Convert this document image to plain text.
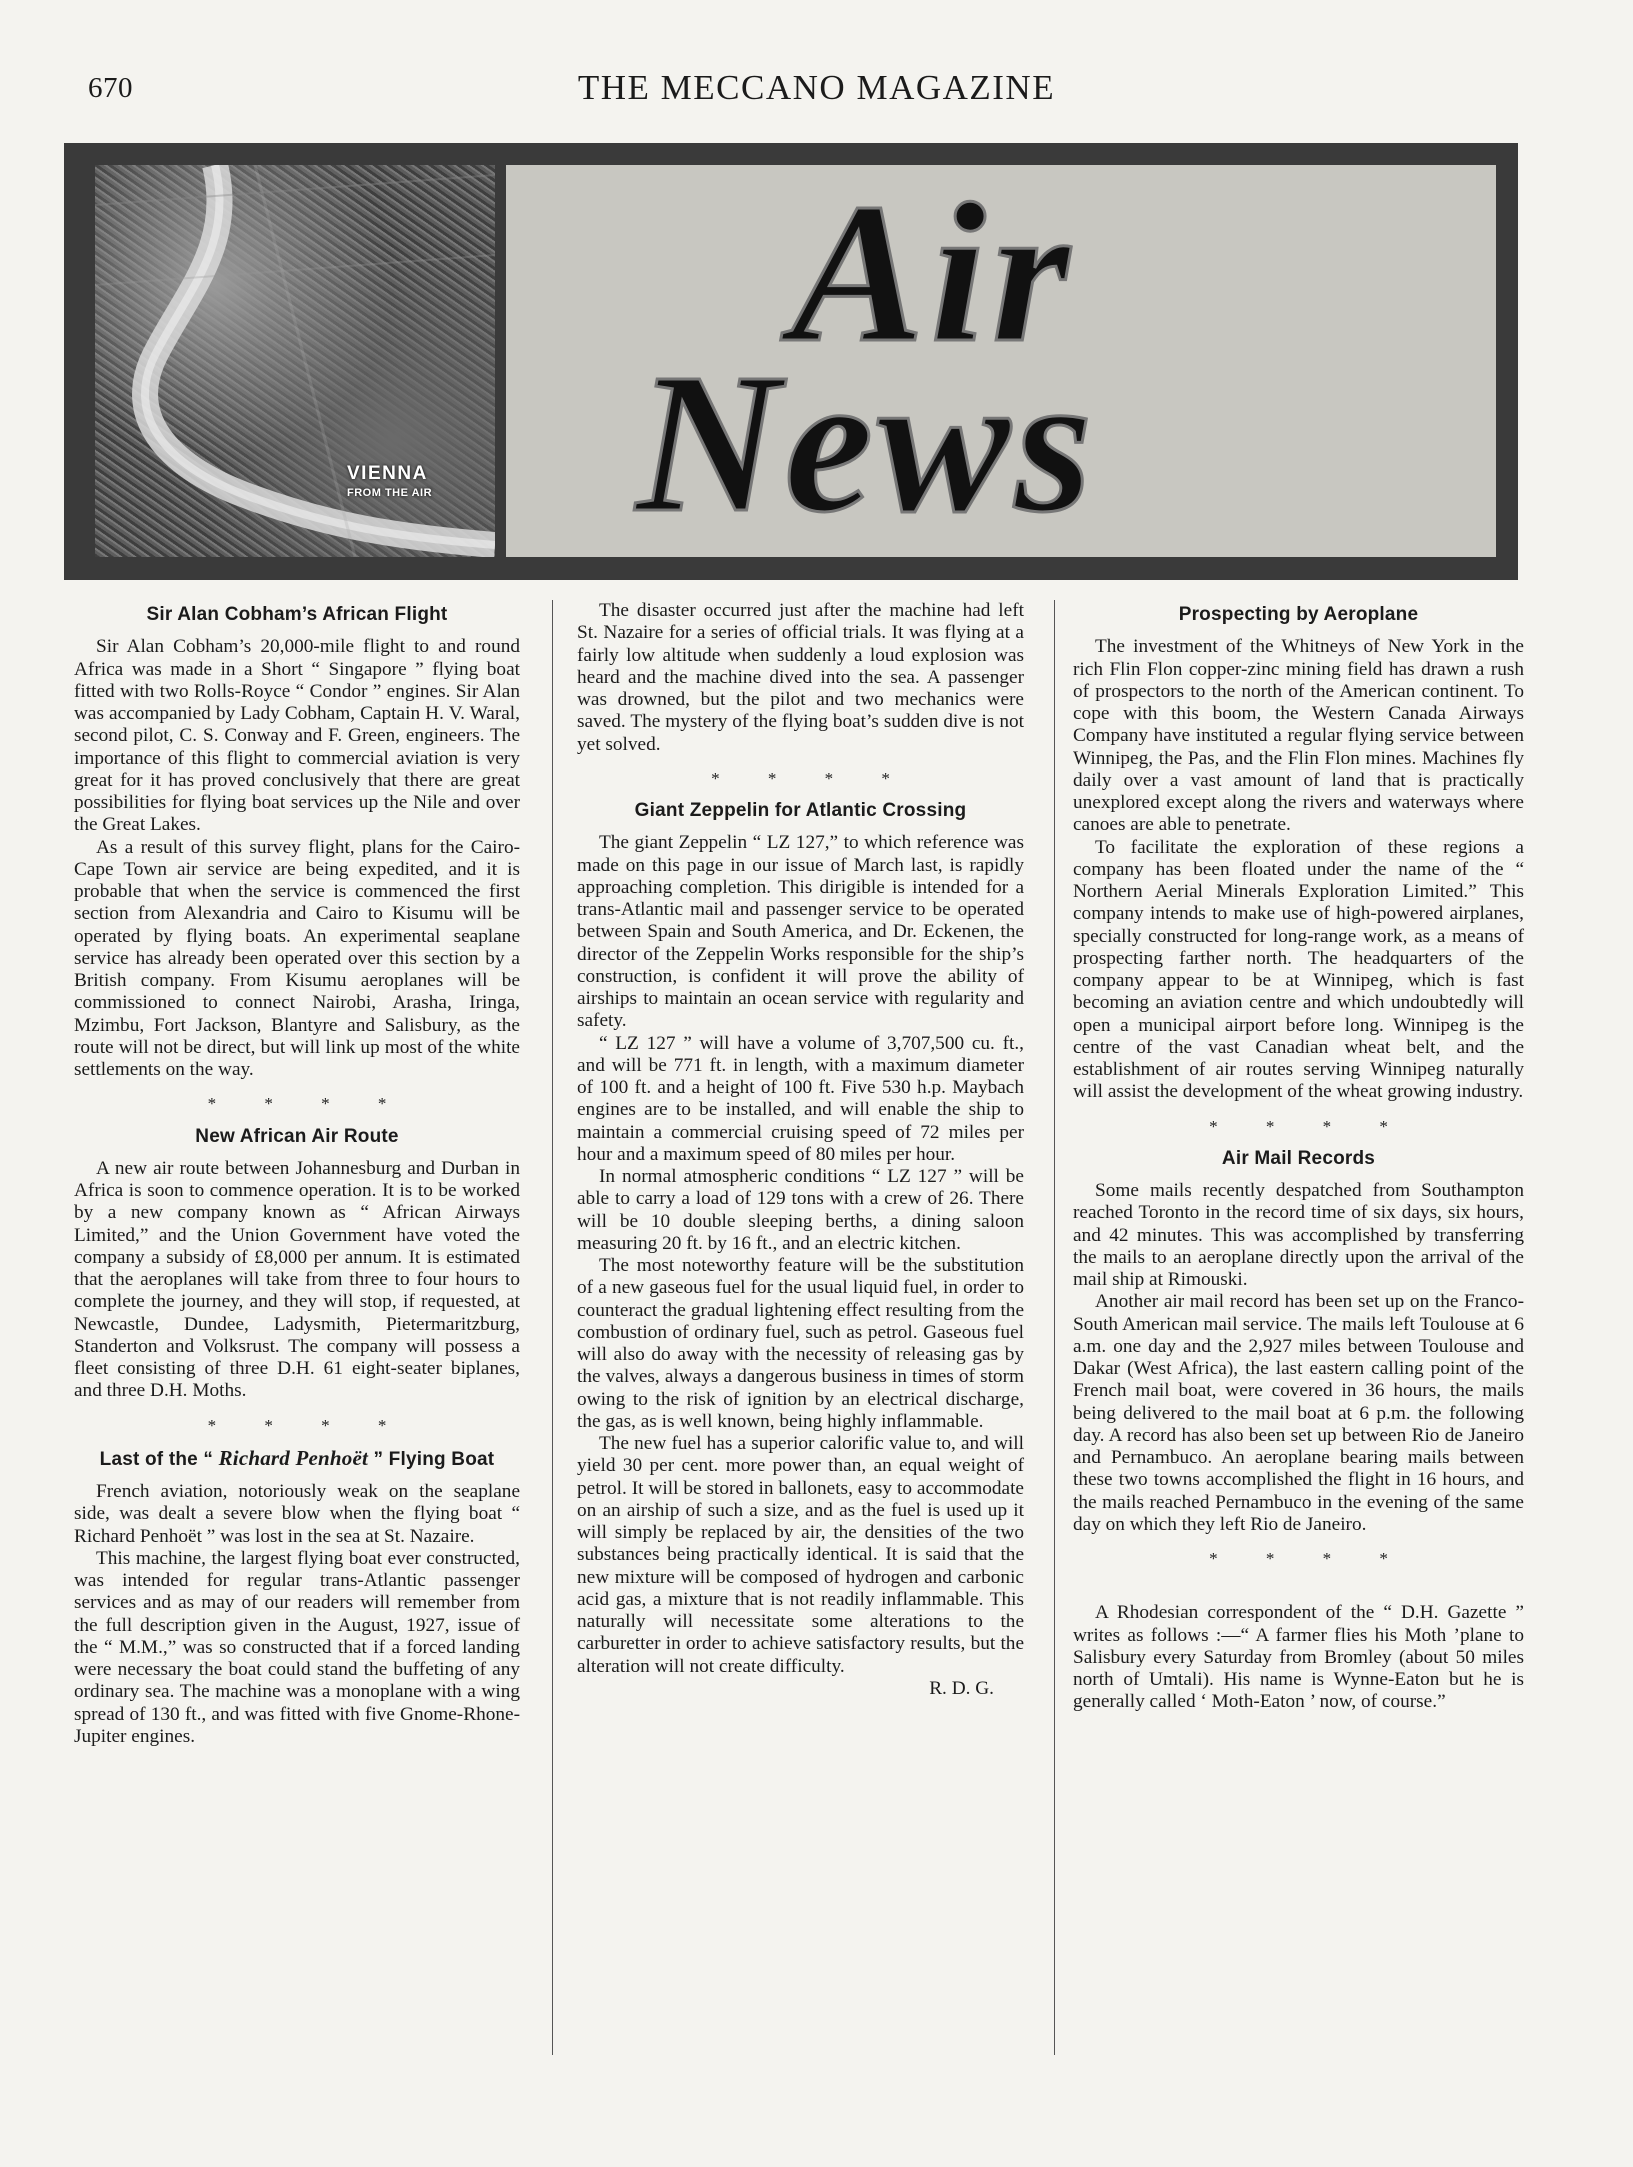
670	THE MECCANO MAGAZINE
VIENNA
FROM THE AIR
Air
News
Sir Alan Cobham’s African Flight

Sir Alan Cobham’s 20,000-mile flight to and round Africa was made in a Short “ Singapore ” flying boat fitted with two Rolls-Royce “ Condor ” engines. Sir Alan was accompanied by Lady Cobham, Captain H. V. Waral, second pilot, C. S. Conway and F. Green, engineers. The importance of this flight to commercial aviation is very great for it has proved conclusively that there are great possibilities for flying boat services up the Nile and over the Great Lakes.

As a result of this survey flight, plans for the Cairo-Cape Town air service are being expedited, and it is probable that when the service is commenced the first section from Alexandria and Cairo to Kisumu will be operated by flying boats. An experimental seaplane service has already been operated over this section by a British company. From Kisumu aeroplanes will be commissioned to connect Nairobi, Arasha, Iringa, Mzimbu, Fort Jackson, Blantyre and Salisbury, as the route will not be direct, but will link up most of the white settlements on the way.

* * * *
New African Air Route

A new air route between Johannesburg and Durban in Africa is soon to commence operation. It is to be worked by a new company known as “ African Airways Limited,” and the Union Government have voted the company a subsidy of £8,000 per annum. It is estimated that the aeroplanes will take from three to four hours to complete the journey, and they will stop, if requested, at Newcastle, Dundee, Ladysmith, Pietermaritzburg, Standerton and Volksrust. The company will possess a fleet consisting of three D.H. 61 eight-seater biplanes, and three D.H. Moths.

* * * *
Last of the “ Richard Penhoët ” Flying Boat

French aviation, notoriously weak on the seaplane side, was dealt a severe blow when the flying boat “ Richard Penhoët ” was lost in the sea at St. Nazaire.

This machine, the largest flying boat ever constructed, was intended for regular trans-Atlantic passenger services and as may of our readers will remember from the full description given in the August, 1927, issue of the “ M.M.,” was so constructed that if a forced landing were necessary the boat could stand the buffeting of any ordinary sea. The machine was a monoplane with a wing spread of 130 ft., and was fitted with five Gnome-Rhone-Jupiter engines.

The disaster occurred just after the machine had left St. Nazaire for a series of official trials. It was flying at a fairly low altitude when suddenly a loud explosion was heard and the machine dived into the sea. A passenger was drowned, but the pilot and two mechanics were saved. The mystery of the flying boat’s sudden dive is not yet solved.

* * * *
Giant Zeppelin for Atlantic Crossing

The giant Zeppelin “ LZ 127,” to which reference was made on this page in our issue of March last, is rapidly approaching completion. This dirigible is intended for a trans-Atlantic mail and passenger service to be operated between Spain and South America, and Dr. Eckenen, the director of the Zeppelin Works responsible for the ship’s construction, is confident it will prove the ability of airships to maintain an ocean service with regularity and safety.

“ LZ 127 ” will have a volume of 3,707,500 cu. ft., and will be 771 ft. in length, with a maximum diameter of 100 ft. and a height of 100 ft. Five 530 h.p. Maybach engines are to be installed, and will enable the ship to maintain a commercial cruising speed of 72 miles per hour and a maximum speed of 80 miles per hour.

In normal atmospheric conditions “ LZ 127 ” will be able to carry a load of 129 tons with a crew of 26. There will be 10 double sleeping berths, a dining saloon measuring 20 ft. by 16 ft., and an electric kitchen.

The most noteworthy feature will be the substitution of a new gaseous fuel for the usual liquid fuel, in order to counteract the gradual lightening effect resulting from the combustion of ordinary fuel, such as petrol. Gaseous fuel will also do away with the necessity of releasing gas by the valves, always a dangerous business in times of storm owing to the risk of ignition by an electrical discharge, the gas, as is well known, being highly inflammable.

The new fuel has a superior calorific value to, and will yield 30 per cent. more power than, an equal weight of petrol. It will be stored in ballonets, easy to accommodate on an airship of such a size, and as the fuel is used up it will simply be replaced by air, the densities of the two substances being practically identical. It is said that the new mixture will be composed of hydrogen and carbonic acid gas, a mixture that is not readily inflammable. This naturally will necessitate some alterations to the carburetter in order to achieve satisfactory results, but the alteration will not create difficulty.

R. D. G.
Prospecting by Aeroplane

The investment of the Whitneys of New York in the rich Flin Flon copper-zinc mining field has drawn a rush of prospectors to the north of the American continent. To cope with this boom, the Western Canada Airways Company have instituted a regular flying service between Winnipeg, the Pas, and the Flin Flon mines. Machines fly daily over a vast amount of land that is practically unexplored except along the rivers and waterways where canoes are able to penetrate.

To facilitate the exploration of these regions a company has been floated under the name of the “ Northern Aerial Minerals Exploration Limited.” This company intends to make use of high-powered airplanes, specially constructed for long-range work, as a means of prospecting farther north. The headquarters of the company appear to be at Winnipeg, which is fast becoming an aviation centre and which undoubtedly will open a municipal airport before long. Winnipeg is the centre of the vast Canadian wheat belt, and the establishment of air routes serving Winnipeg naturally will assist the development of the wheat growing industry.

* * * *
Air Mail Records

Some mails recently despatched from Southampton reached Toronto in the record time of six days, six hours, and 42 minutes. This was accomplished by transferring the mails to an aeroplane directly upon the arrival of the mail ship at Rimouski.

Another air mail record has been set up on the Franco-South American mail service. The mails left Toulouse at 6 a.m. one day and the 2,927 miles between Toulouse and Dakar (West Africa), the last eastern calling point of the French mail boat, were covered in 36 hours, the mails being delivered to the mail boat at 6 p.m. the following day. A record has also been set up between Rio de Janeiro and Pernambuco. An aeroplane bearing mails between these two towns accomplished the flight in 16 hours, and the mails reached Pernambuco in the evening of the same day on which they left Rio de Janeiro.

* * * *

A Rhodesian correspondent of the “ D.H. Gazette ” writes as follows :—“ A farmer flies his Moth ’plane to Salisbury every Saturday from Bromley (about 50 miles north of Umtali). His name is Wynne-Eaton but he is generally called ‘ Moth-Eaton ’ now, of course.”
